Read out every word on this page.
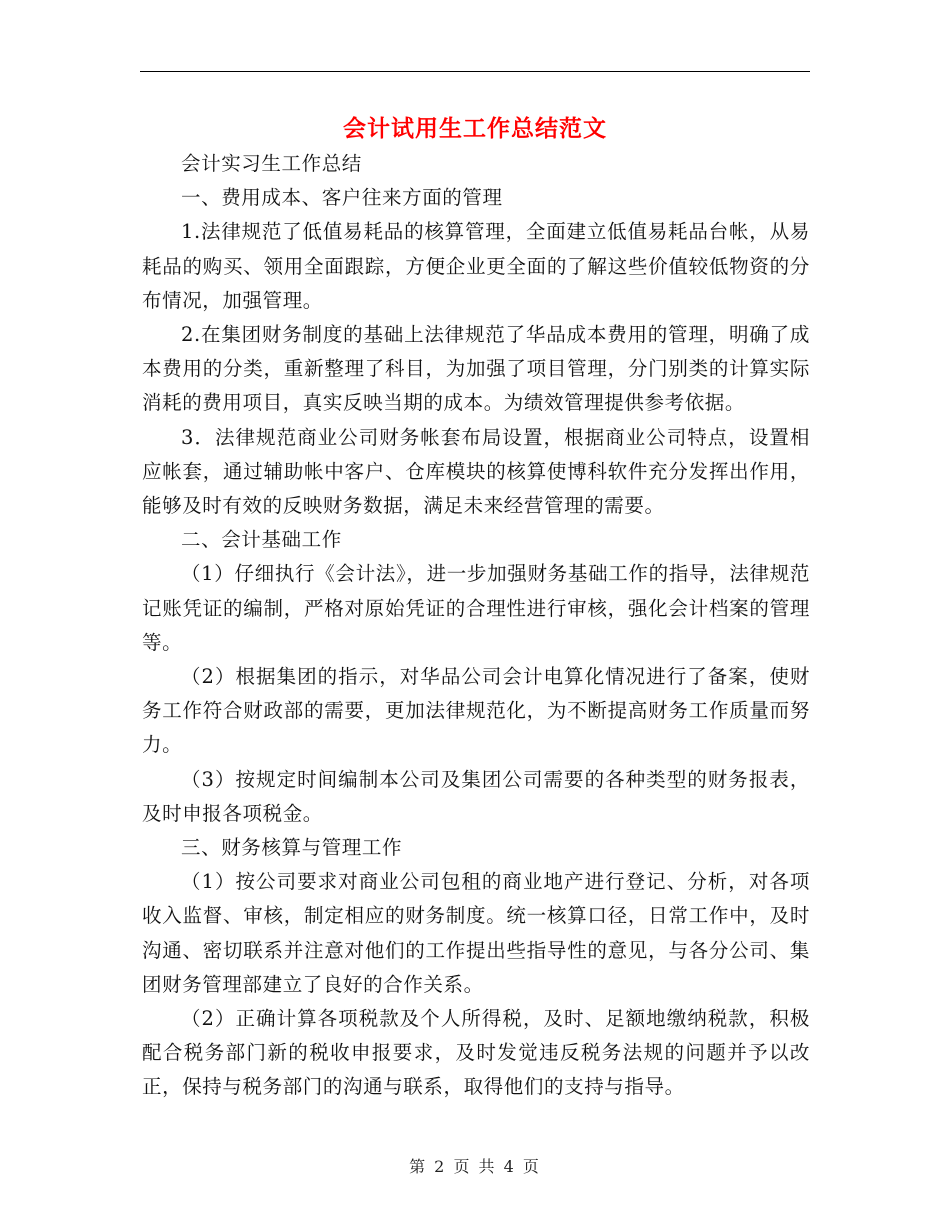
会计试用生工作总结范文

会计实习生工作总结

一、费用成本、客户往来方面的管理

1.法律规范了低值易耗品的核算管理，全面建立低值易耗品台帐，从易耗品的购买、领用全面跟踪，方便企业更全面的了解这些价值较低物资的分布情况，加强管理。

2.在集团财务制度的基础上法律规范了华品成本费用的管理，明确了成本费用的分类，重新整理了科目，为加强了项目管理，分门别类的计算实际消耗的费用项目，真实反映当期的成本。为绩效管理提供参考依据。

3．法律规范商业公司财务帐套布局设置，根据商业公司特点，设置相应帐套，通过辅助帐中客户、仓库模块的核算使博科软件充分发挥出作用，能够及时有效的反映财务数据，满足未来经营管理的需要。

二、会计基础工作

（1）仔细执行《会计法》，进一步加强财务基础工作的指导，法律规范记账凭证的编制，严格对原始凭证的合理性进行审核，强化会计档案的管理等。

（2）根据集团的指示，对华品公司会计电算化情况进行了备案，使财务工作符合财政部的需要，更加法律规范化，为不断提高财务工作质量而努力。

（3）按规定时间编制本公司及集团公司需要的各种类型的财务报表，及时申报各项税金。

三、财务核算与管理工作

（1）按公司要求对商业公司包租的商业地产进行登记、分析，对各项收入监督、审核，制定相应的财务制度。统一核算口径，日常工作中，及时沟通、密切联系并注意对他们的工作提出些指导性的意见，与各分公司、集团财务管理部建立了良好的合作关系。

（2）正确计算各项税款及个人所得税，及时、足额地缴纳税款，积极配合税务部门新的税收申报要求，及时发觉违反税务法规的问题并予以改正，保持与税务部门的沟通与联系，取得他们的支持与指导。

第 2 页 共 4 页
